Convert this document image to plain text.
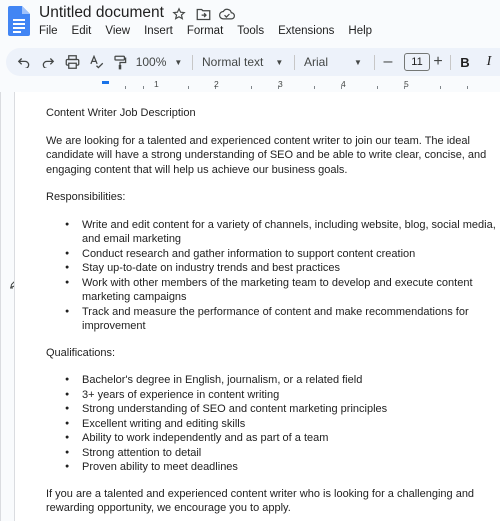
Untitled document
File Edit View Insert Format Tools Extensions Help
100% ▼ Normal text ▼ Arial	▼ –	11 +	B	I
1	2	3	4	5

Content Writer Job Description

We are looking for a talented and experienced content writer to join our team. The ideal candidate will have a strong understanding of SEO and be able to write clear, concise, and engaging content that will help us achieve our business goals.

Responsibilities:

● Write and edit content for a variety of channels, including website, blog, social media, and email marketing
● Conduct research and gather information to support content creation
● Stay up-to-date on industry trends and best practices
● Work with other members of the marketing team to develop and execute content marketing campaigns
● Track and measure the performance of content and make recommendations for improvement

Qualifications:

● Bachelor's degree in English, journalism, or a related field
● 3+ years of experience in content writing
● Strong understanding of SEO and content marketing principles
● Excellent writing and editing skills
● Ability to work independently and as part of a team
● Strong attention to detail
● Proven ability to meet deadlines

If you are a talented and experienced content writer who is looking for a challenging and rewarding opportunity, we encourage you to apply.
